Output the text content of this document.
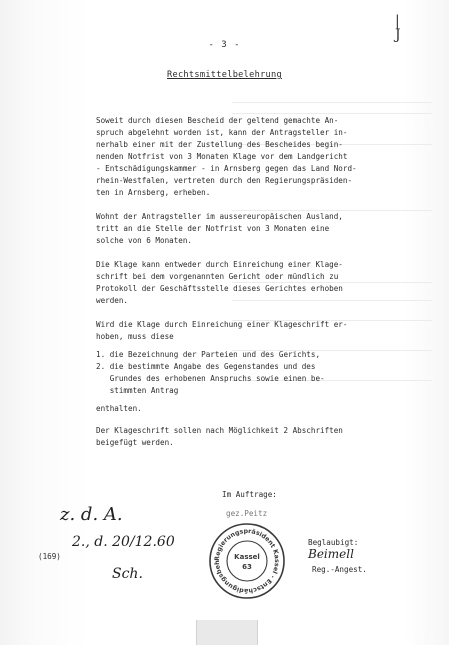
|
J
- 3 -
Rechtsmittelbelehrung
Soweit durch diesen Bescheid der geltend gemachte An-
spruch abgelehnt worden ist, kann der Antragsteller in-
nerhalb einer mit der Zustellung des Bescheides begin-
nenden Notfrist von 3 Monaten Klage vor dem Landgericht
- Entschädigungskammer - in Arnsberg gegen das Land Nord-
rhein-Westfalen, vertreten durch den Regierungspräsiden-
ten in Arnsberg, erheben.
Wohnt der Antragsteller im aussereuropäischen Ausland,
tritt an die Stelle der Notfrist von 3 Monaten eine
solche von 6 Monaten.
Die Klage kann entweder durch Einreichung einer Klage-
schrift bei dem vorgenannten Gericht oder mündlich zu
Protokoll der Geschäftsstelle dieses Gerichtes erhoben
werden.
Wird die Klage durch Einreichung einer Klageschrift er-
hoben, muss diese
1. die Bezeichnung der Parteien und des Gerichts,
2. die bestimmte Angabe des Gegenstandes und des
Grundes des erhobenen Anspruchs sowie einen be-
stimmten Antrag
enthalten.
Der Klageschrift sollen nach Möglichkeit 2 Abschriften
beigefügt werden.
Im Auftrage:
gez.Peitz
Beglaubigt:
Beimell
Reg.-Angest.
(169)
z. d. A.
2., d. 20/12.60
Sch.
Regierungspräsident Kassel · Entschädigungsbeh
Kassel
63
